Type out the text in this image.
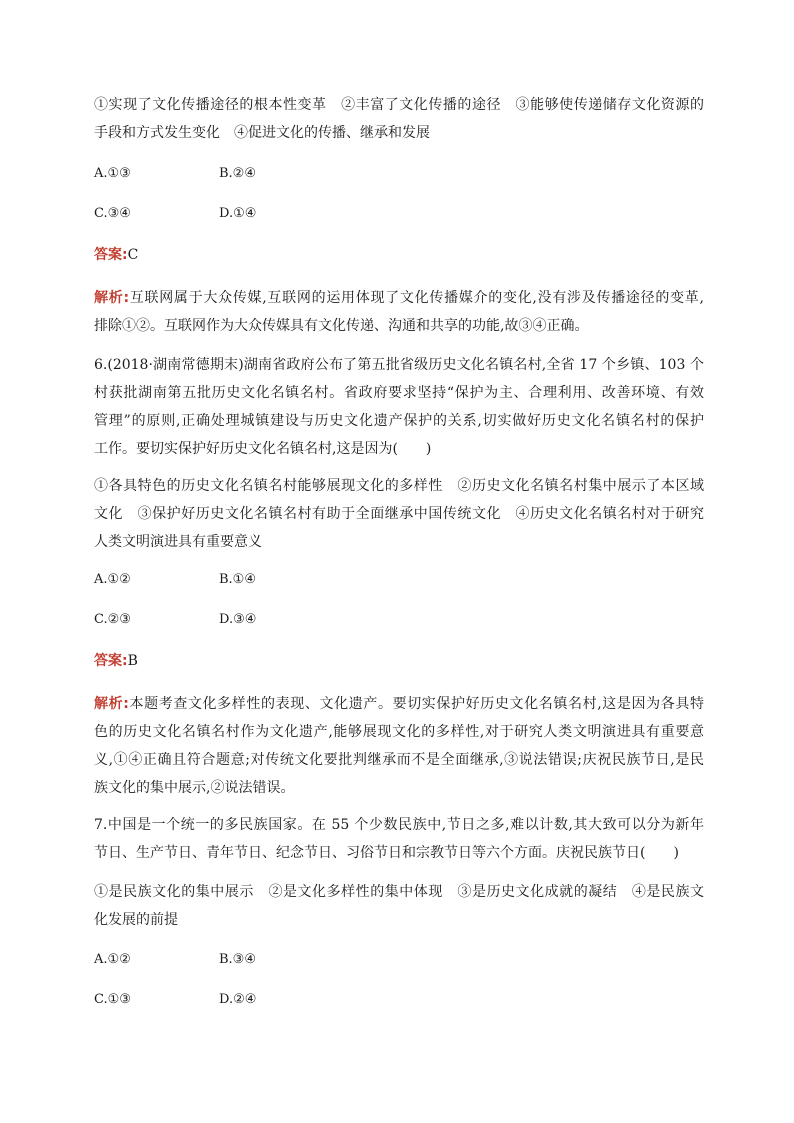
①实现了文化传播途径的根本性变革　②丰富了文化传播的途径　③能够使传递储存文化资源的
手段和方式发生变化　④促进文化的传播、继承和发展
A.①③	B.②④
C.③④	D.①④
答案:C
解析:互联网属于大众传媒,互联网的运用体现了文化传播媒介的变化,没有涉及传播途径的变革,
排除①②。互联网作为大众传媒具有文化传递、沟通和共享的功能,故③④正确。
6.(2018·湖南常德期末)湖南省政府公布了第五批省级历史文化名镇名村,全省 17 个乡镇、103 个
村获批湖南第五批历史文化名镇名村。省政府要求坚持“保护为主、合理利用、改善环境、有效
管理”的原则,正确处理城镇建设与历史文化遗产保护的关系,切实做好历史文化名镇名村的保护
工作。要切实保护好历史文化名镇名村,这是因为(　　)
①各具特色的历史文化名镇名村能够展现文化的多样性　②历史文化名镇名村集中展示了本区域
文化　③保护好历史文化名镇名村有助于全面继承中国传统文化　④历史文化名镇名村对于研究
人类文明演进具有重要意义
A.①②	B.①④
C.②③	D.③④
答案:B
解析:本题考查文化多样性的表现、文化遗产。要切实保护好历史文化名镇名村,这是因为各具特
色的历史文化名镇名村作为文化遗产,能够展现文化的多样性,对于研究人类文明演进具有重要意
义,①④正确且符合题意;对传统文化要批判继承而不是全面继承,③说法错误;庆祝民族节日,是民
族文化的集中展示,②说法错误。
7.中国是一个统一的多民族国家。在 55 个少数民族中,节日之多,难以计数,其大致可以分为新年
节日、生产节日、青年节日、纪念节日、习俗节日和宗教节日等六个方面。庆祝民族节日(　　)
①是民族文化的集中展示　②是文化多样性的集中体现　③是历史文化成就的凝结　④是民族文
化发展的前提
A.①②	B.③④
C.①③	D.②④
